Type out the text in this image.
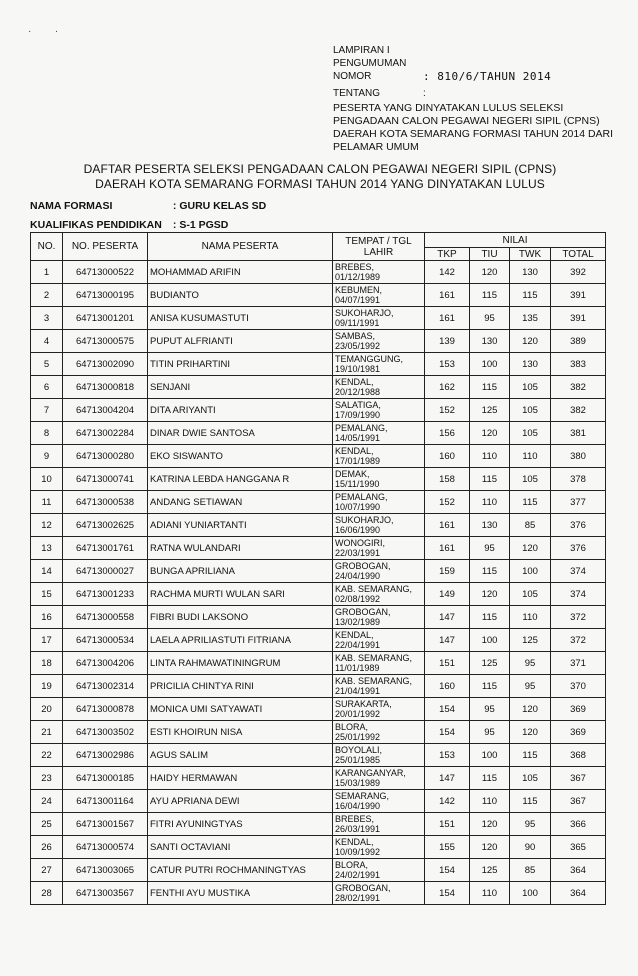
·  ·
LAMPIRAN I
PENGUMUMAN
NOMOR	: 810/6/TAHUN 2014
TENTANG	:
PESERTA YANG DINYATAKAN LULUS SELEKSI PENGADAAN CALON PEGAWAI NEGERI SIPIL (CPNS) DAERAH KOTA SEMARANG FORMASI TAHUN 2014 DARI PELAMAR UMUM
DAFTAR PESERTA SELEKSI PENGADAAN CALON PEGAWAI NEGERI SIPIL (CPNS)
DAERAH KOTA SEMARANG FORMASI TAHUN 2014 YANG DINYATAKAN LULUS
NAMA FORMASI	: GURU KELAS SD
KUALIFIKAS PENDIDIKAN : S-1 PGSD
NO.	NO. PESERTA	NAMA PESERTA	TEMPAT / TGL LAHIR	NILAI			
				TKP	TIU	TWK	TOTAL
1	64713000522	MOHAMMAD ARIFIN	BREBES,
01/12/1989	142	120	130	392
2	64713000195	BUDIANTO	KEBUMEN,
04/07/1991	161	115	115	391
3	64713001201	ANISA KUSUMASTUTI	SUKOHARJO,
09/11/1991	161	95	135	391
4	64713000575	PUPUT ALFRIANTI	SAMBAS,
23/05/1992	139	130	120	389
5	64713002090	TITIN PRIHARTINI	TEMANGGUNG,
19/10/1981	153	100	130	383
6	64713000818	SENJANI	KENDAL,
20/12/1988	162	115	105	382
7	64713004204	DITA ARIYANTI	SALATIGA,
17/09/1990	152	125	105	382
8	64713002284	DINAR DWIE SANTOSA	PEMALANG,
14/05/1991	156	120	105	381
9	64713000280	EKO SISWANTO	KENDAL,
17/01/1989	160	110	110	380
10	64713000741	KATRINA LEBDA HANGGANA R	DEMAK,
15/11/1990	158	115	105	378
11	64713000538	ANDANG SETIAWAN	PEMALANG,
10/07/1990	152	110	115	377
12	64713002625	ADIANI YUNIARTANTI	SUKOHARJO,
16/06/1990	161	130	85	376
13	64713001761	RATNA WULANDARI	WONOGIRI,
22/03/1991	161	95	120	376
14	64713000027	BUNGA APRILIANA	GROBOGAN,
24/04/1990	159	115	100	374
15	64713001233	RACHMA MURTI WULAN SARI	KAB. SEMARANG,
02/08/1992	149	120	105	374
16	64713000558	FIBRI BUDI LAKSONO	GROBOGAN,
13/02/1989	147	115	110	372
17	64713000534	LAELA APRILIASTUTI FITRIANA	KENDAL,
22/04/1991	147	100	125	372
18	64713004206	LINTA RAHMAWATININGRUM	KAB. SEMARANG,
11/01/1989	151	125	95	371
19	64713002314	PRICILIA CHINTYA RINI	KAB. SEMARANG,
21/04/1991	160	115	95	370
20	64713000878	MONICA UMI SATYAWATI	SURAKARTA,
20/01/1992	154	95	120	369
21	64713003502	ESTI KHOIRUN NISA	BLORA,
25/01/1992	154	95	120	369
22	64713002986	AGUS SALIM	BOYOLALI,
25/01/1985	153	100	115	368
23	64713000185	HAIDY HERMAWAN	KARANGANYAR,
15/03/1989	147	115	105	367
24	64713001164	AYU APRIANA DEWI	SEMARANG,
16/04/1990	142	110	115	367
25	64713001567	FITRI AYUNINGTYAS	BREBES,
26/03/1991	151	120	95	366
26	64713000574	SANTI OCTAVIANI	KENDAL,
10/09/1992	155	120	90	365
27	64713003065	CATUR PUTRI ROCHMANINGTYAS	BLORA,
24/02/1991	154	125	85	364
28	64713003567	FENTHI AYU MUSTIKA	GROBOGAN,
28/02/1991	154	110	100	364
